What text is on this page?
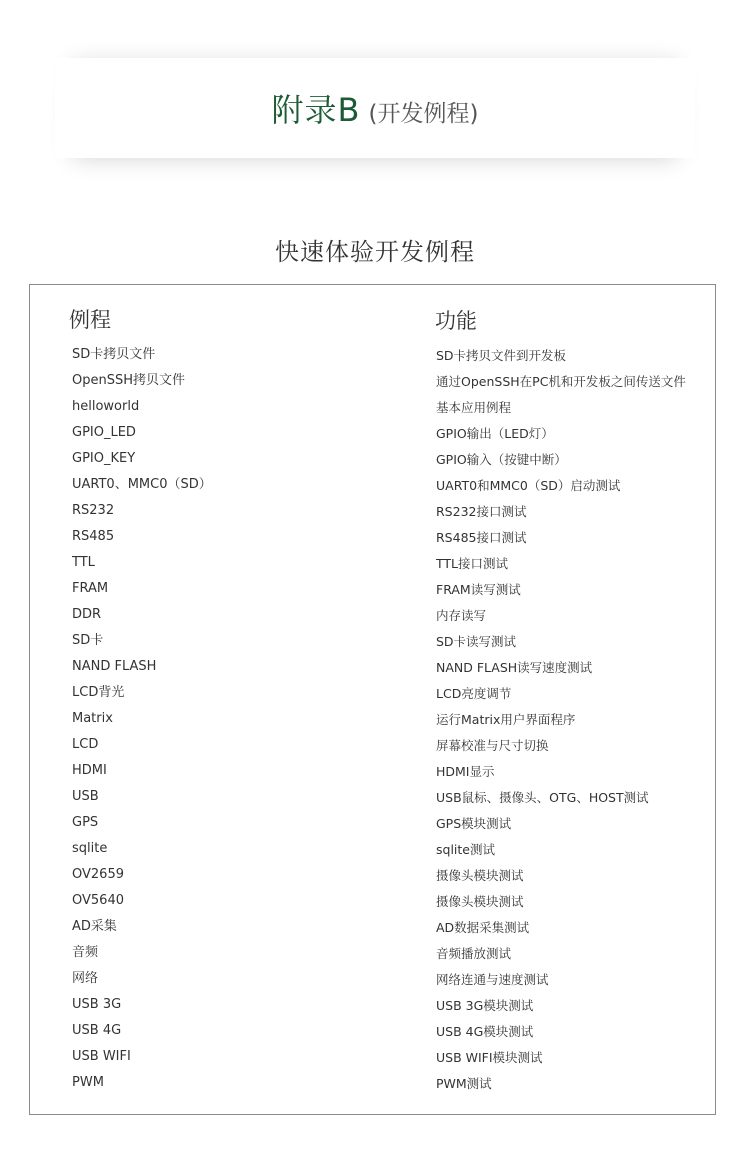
附录B (开发例程)
快速体验开发例程
例程
SD卡拷贝文件
OpenSSH拷贝文件
helloworld
GPIO_LED
GPIO_KEY
UART0、MMC0（SD）
RS232
RS485
TTL
FRAM
DDR
SD卡
NAND FLASH
LCD背光
Matrix
LCD
HDMI
USB
GPS
sqlite
OV2659
OV5640
AD采集
音频
网络
USB 3G
USB 4G
USB WIFI
PWM
功能
SD卡拷贝文件到开发板
通过OpenSSH在PC机和开发板之间传送文件
基本应用例程
GPIO输出（LED灯）
GPIO输入（按键中断）
UART0和MMC0（SD）启动测试
RS232接口测试
RS485接口测试
TTL接口测试
FRAM读写测试
内存读写
SD卡读写测试
NAND FLASH读写速度测试
LCD亮度调节
运行Matrix用户界面程序
屏幕校准与尺寸切换
HDMI显示
USB鼠标、摄像头、OTG、HOST测试
GPS模块测试
sqlite测试
摄像头模块测试
摄像头模块测试
AD数据采集测试
音频播放测试
网络连通与速度测试
USB 3G模块测试
USB 4G模块测试
USB WIFI模块测试
PWM测试
